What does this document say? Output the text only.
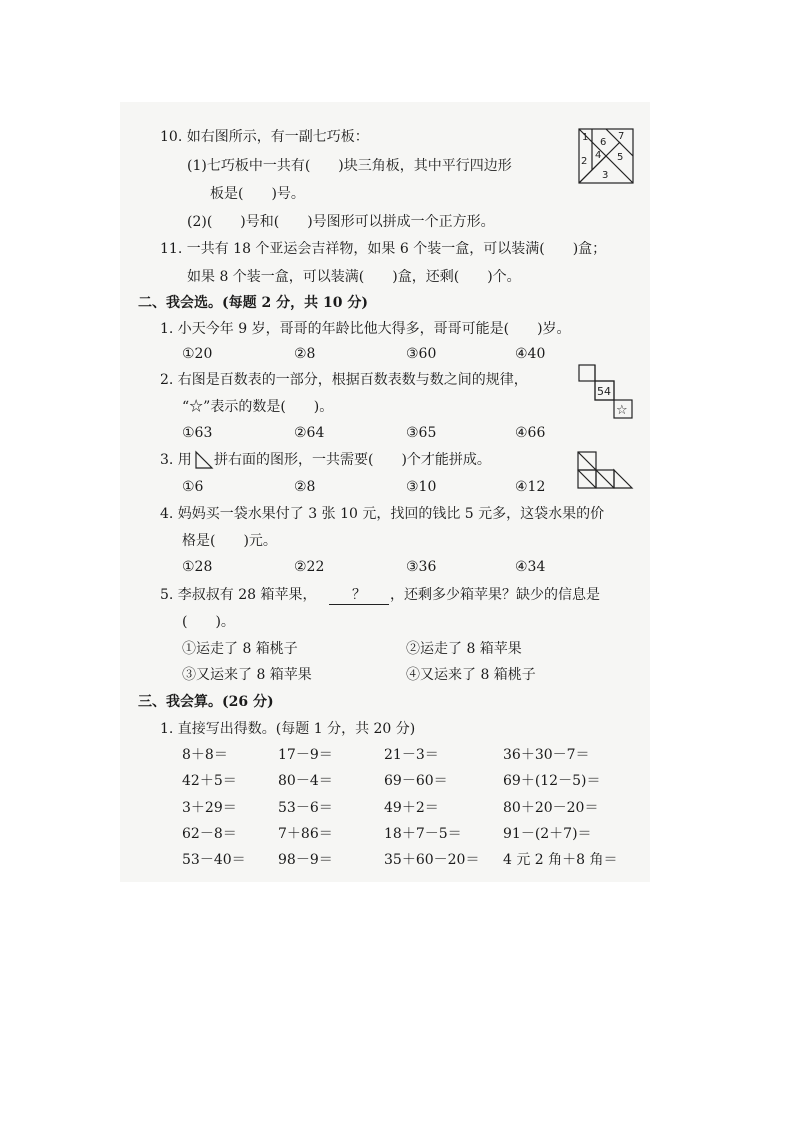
10. 如右图所示，有一副七巧板：
(1)七巧板中一共有(　　)块三角板，其中平行四边形
板是(　　)号。
(2)(　　)号和(　　)号图形可以拼成一个正方形。
1 6
7
2
4 5
3
11. 一共有 18 个亚运会吉祥物，如果 6 个装一盒，可以装满(　　)盒；
如果 8 个装一盒，可以装满(　　)盒，还剩(　　)个。
二、我会选。(每题 2 分，共 10 分)
1. 小天今年 9 岁，哥哥的年龄比他大得多，哥哥可能是(　　)岁。
①20	②8	③60	④40
2. 右图是百数表的一部分，根据百数表数与数之间的规律，
“☆”表示的数是(　　)。
①63	②64	③65	④66
54
☆
3. 用 拼右面的图形，一共需要(　　)个才能拼成。
①6	②8	③10	④12
4. 妈妈买一袋水果付了 3 张 10 元，找回的钱比 5 元多，这袋水果的价
格是(　　)元。
①28	②22	③36	④34
5. 李叔叔有 28 箱苹果，	？	，还剩多少箱苹果？缺少的信息是
(　　)。
①运走了 8 箱桃子	②运走了 8 箱苹果
③又运来了 8 箱苹果	④又运来了 8 箱桃子
三、我会算。(26 分)
1. 直接写出得数。(每题 1 分，共 20 分)
8＋8＝	17－9＝	21－3＝	36＋30－7＝
42＋5＝	80－4＝	69－60＝	69＋(12－5)＝
3＋29＝	53－6＝	49＋2＝	80＋20－20＝
62－8＝	7＋86＝	18＋7－5＝	91－(2＋7)＝
53－40＝ 98－9＝	35＋60－20＝ 4 元 2 角＋8 角＝
